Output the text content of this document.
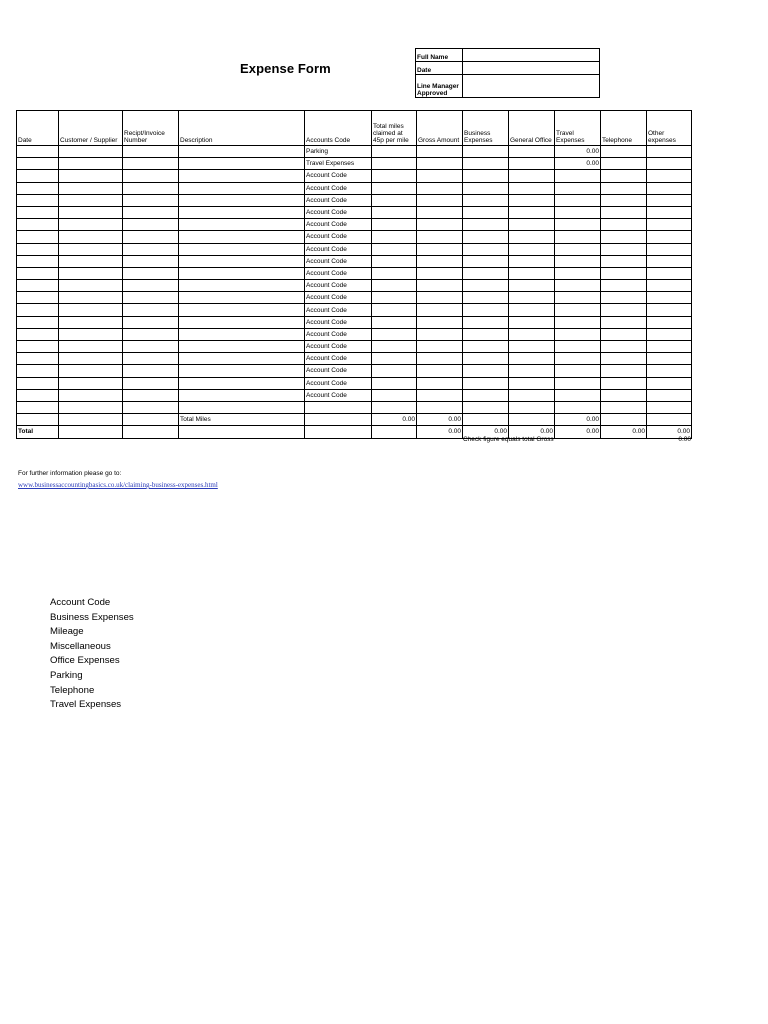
Expense Form
Full Name	
Date	
Line Manager Approved	
Date	Customer / Supplier	Recipt/Invoice Number	Description	Accounts Code	Total miles claimed at 45p per mile	Gross Amount	Business Expenses	General Office	Travel Expenses	Telephone	Other expenses
				Parking					0.00		
				Travel Expenses					0.00		
				Account Code							
				Account Code							
				Account Code							
				Account Code							
				Account Code							
				Account Code							
				Account Code							
				Account Code							
				Account Code							
				Account Code							
				Account Code							
				Account Code							
				Account Code							
				Account Code							
				Account Code							
				Account Code							
				Account Code							
				Account Code							
				Account Code							

			Total Miles		0.00	0.00			0.00		
Total						0.00	0.00	0.00	0.00	0.00	0.00
Check figure equals total Gross	0.00
For further information please go to:
www.businessaccountingbasics.co.uk/claiming-business-expenses.html
Account Code
Business Expenses
Mileage
Miscellaneous
Office Expenses
Parking
Telephone
Travel Expenses
